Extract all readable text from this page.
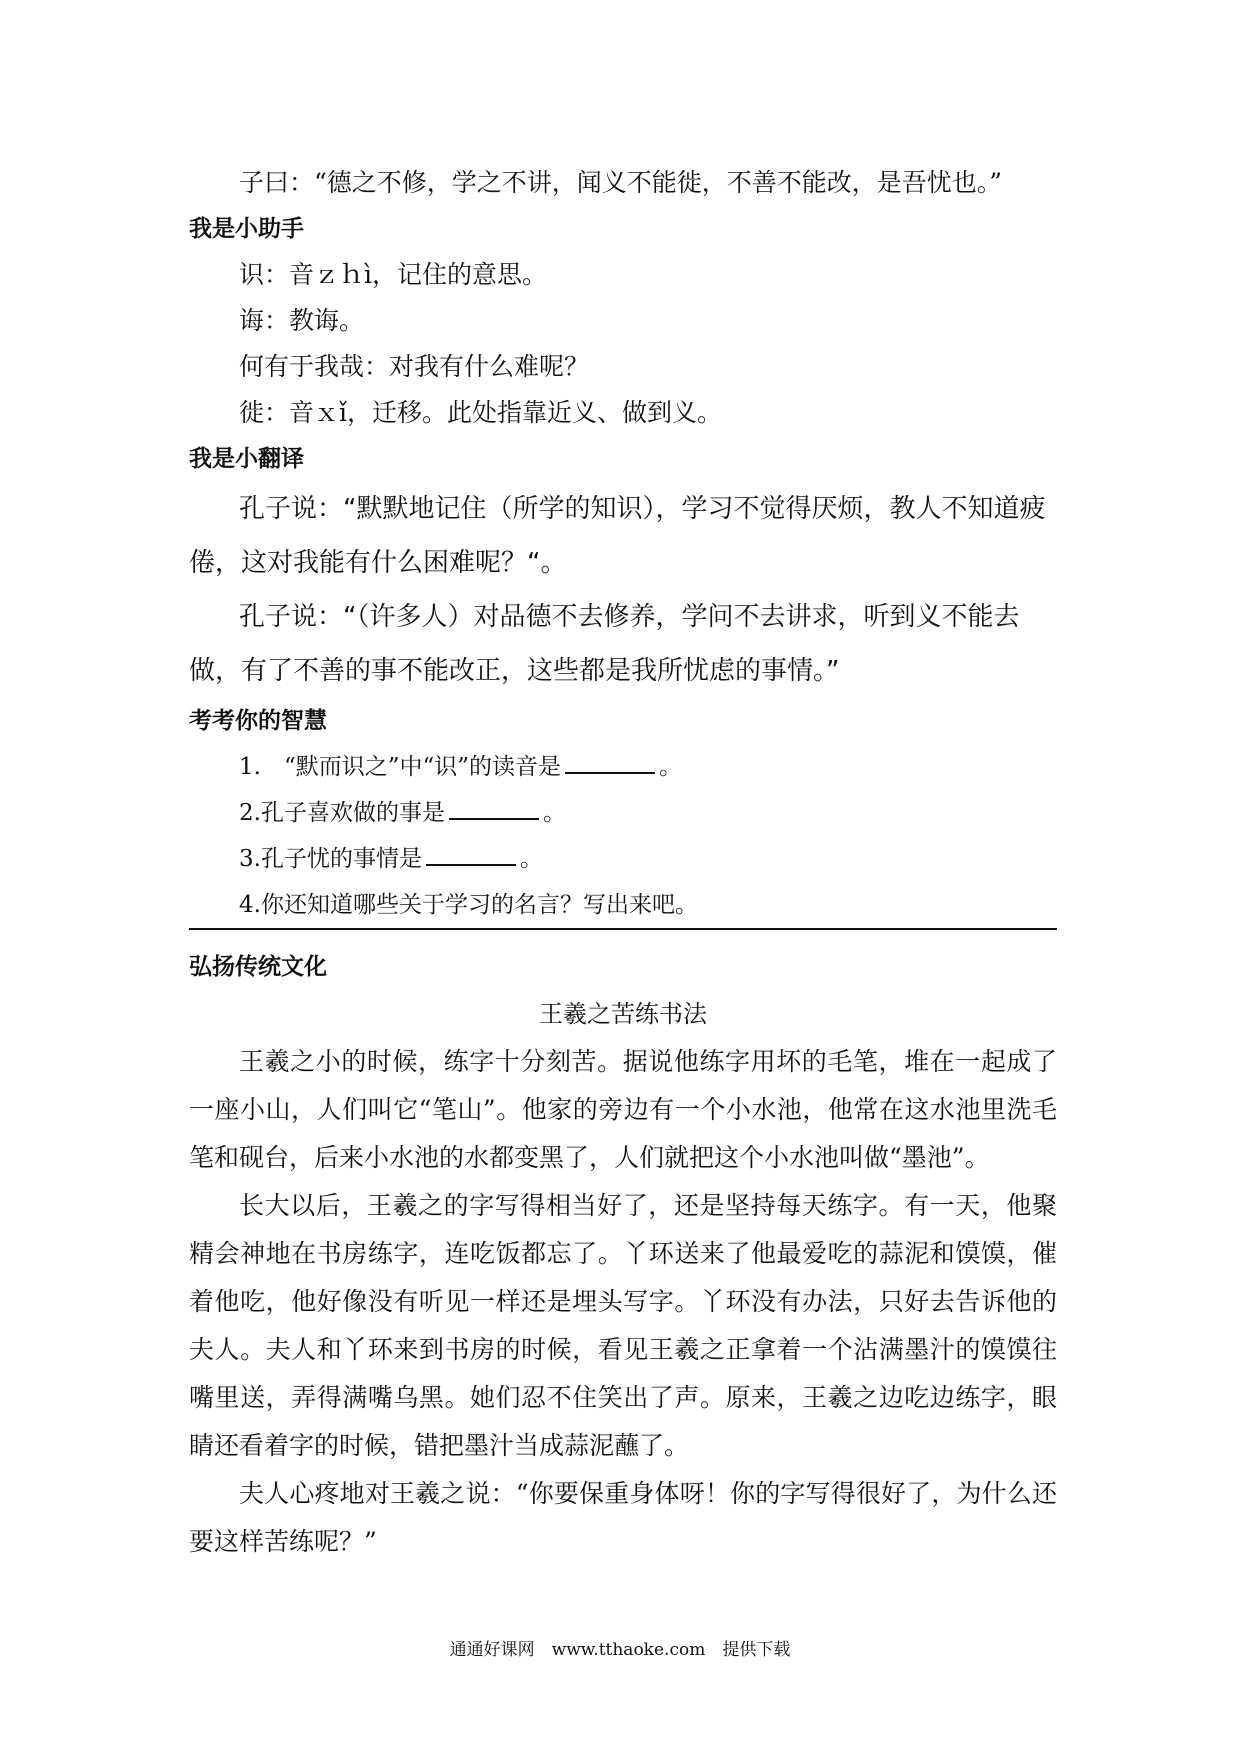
子曰：“德之不修，学之不讲，闻义不能徙，不善不能改，是吾忧也。”

我是小助手

识：音ｚｈì，记住的意思。

诲：教诲。

何有于我哉：对我有什么难呢？

徙：音ｘǐ，迁移。此处指靠近义、做到义。

我是小翻译

孔子说：“默默地记住（所学的知识），学习不觉得厌烦，教人不知道疲倦，这对我能有什么困难呢？“。

孔子说：“（许多人）对品德不去修养，学问不去讲求，听到义不能去做，有了不善的事不能改正，这些都是我所忧虑的事情。”

考考你的智慧

1.　“默而识之”中“识”的读音是	。

2.孔子喜欢做的事是	。

3.孔子忧的事情是	。

4.你还知道哪些关于学习的名言？写出来吧。

弘扬传统文化

王羲之苦练书法

王羲之小的时候，练字十分刻苦。据说他练字用坏的毛笔，堆在一起成了一座小山，人们叫它“笔山”。他家的旁边有一个小水池，他常在这水池里洗毛笔和砚台，后来小水池的水都变黑了，人们就把这个小水池叫做“墨池”。

长大以后，王羲之的字写得相当好了，还是坚持每天练字。有一天，他聚精会神地在书房练字，连吃饭都忘了。丫环送来了他最爱吃的蒜泥和馍馍，催着他吃，他好像没有听见一样还是埋头写字。丫环没有办法，只好去告诉他的夫人。夫人和丫环来到书房的时候，看见王羲之正拿着一个沾满墨汁的馍馍往嘴里送，弄得满嘴乌黑。她们忍不住笑出了声。原来，王羲之边吃边练字，眼睛还看着字的时候，错把墨汁当成蒜泥蘸了。

夫人心疼地对王羲之说：“你要保重身体呀！你的字写得很好了，为什么还要这样苦练呢？”

通通好课网　www.tthaoke.com　提供下载
